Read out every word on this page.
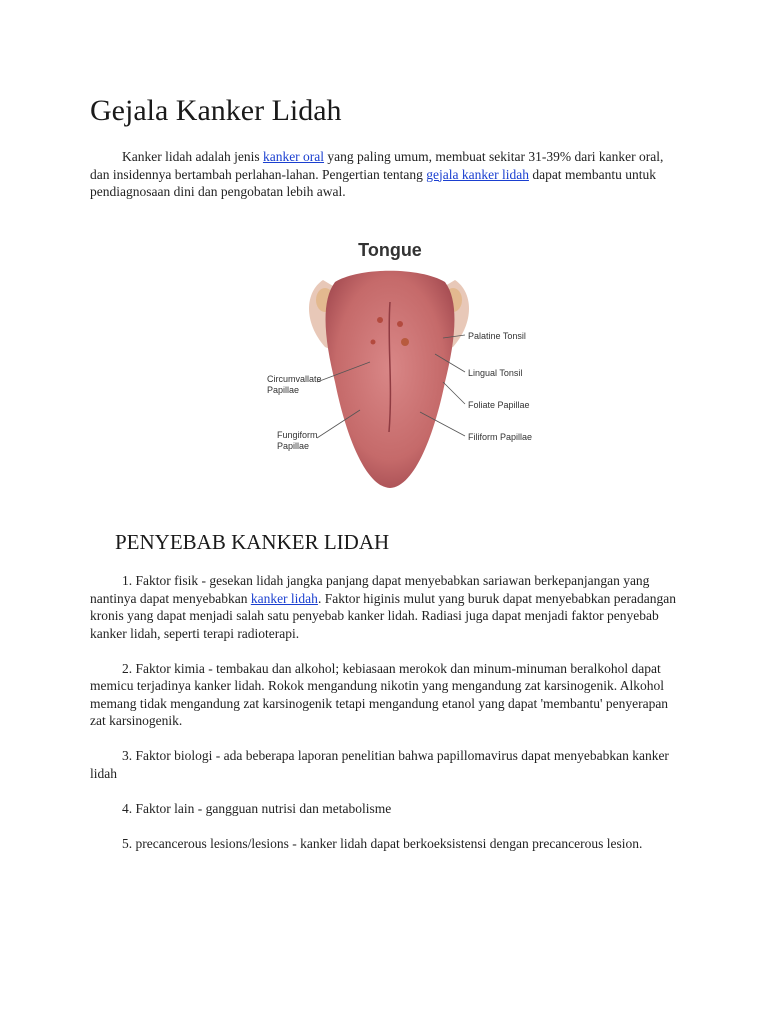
Gejala Kanker Lidah

Kanker lidah adalah jenis kanker oral yang paling umum, membuat sekitar 31-39% dari kanker oral, dan insidennya bertambah perlahan-lahan. Pengertian tentang gejala kanker lidah dapat membantu untuk pendiagnosaan dini dan pengobatan lebih awal.

Tongue
Palatine Tonsil
Lingual Tonsil
Foliate Papillae
Filiform Papillae
Circumvallate
Papillae
Fungiform
Papillae
PENYEBAB KANKER LIDAH

1. Faktor fisik - gesekan lidah jangka panjang dapat menyebabkan sariawan berkepanjangan yang nantinya dapat menyebabkan kanker lidah. Faktor higinis mulut yang buruk dapat menyebabkan peradangan kronis yang dapat menjadi salah satu penyebab kanker lidah. Radiasi juga dapat menjadi faktor penyebab kanker lidah, seperti terapi radioterapi.

2. Faktor kimia - tembakau dan alkohol; kebiasaan merokok dan minum-minuman beralkohol dapat memicu terjadinya kanker lidah. Rokok mengandung nikotin yang mengandung zat karsinogenik. Alkohol memang tidak mengandung zat karsinogenik tetapi mengandung etanol yang dapat 'membantu' penyerapan zat karsinogenik.

3. Faktor biologi - ada beberapa laporan penelitian bahwa papillomavirus dapat menyebabkan kanker lidah

4. Faktor lain - gangguan nutrisi dan metabolisme

5. precancerous lesions/lesions - kanker lidah dapat berkoeksistensi dengan precancerous lesion.
